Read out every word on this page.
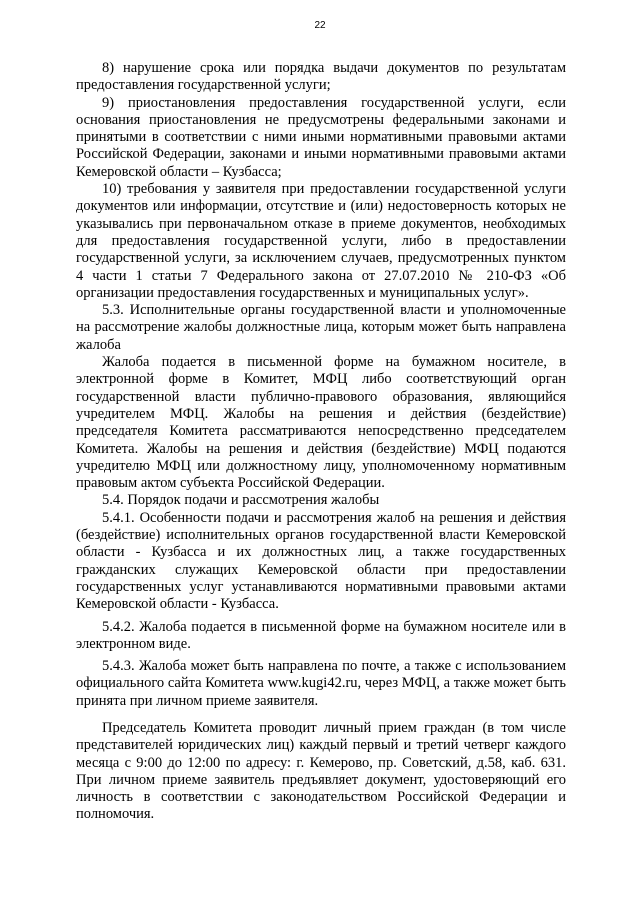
22

8) нарушение срока или порядка выдачи документов по результатам предоставления государственной услуги;

9) приостановления предоставления государственной услуги, если основания приостановления не предусмотрены федеральными законами и принятыми в соответствии с ними иными нормативными правовыми актами Российской Федерации, законами и иными нормативными правовыми актами Кемеровской области – Кузбасса;

10) требования у заявителя при предоставлении государственной услуги документов или информации, отсутствие и (или) недостоверность которых не указывались при первоначальном отказе в приеме документов, необходимых для предоставления государственной услуги, либо в предоставлении государственной услуги, за исключением случаев, предусмотренных пунктом 4 части 1 статьи 7 Федерального закона от 27.07.2010 № 210-ФЗ «Об организации предоставления государственных и муниципальных услуг».

5.3. Исполнительные органы государственной власти и уполномоченные на рассмотрение жалобы должностные лица, которым может быть направлена жалоба

Жалоба подается в письменной форме на бумажном носителе, в электронной форме в Комитет, МФЦ либо соответствующий орган государственной власти публично-правового образования, являющийся учредителем МФЦ. Жалобы на решения и действия (бездействие) председателя Комитета рассматриваются непосредственно председателем Комитета. Жалобы на решения и действия (бездействие) МФЦ подаются учредителю МФЦ или должностному лицу, уполномоченному нормативным правовым актом субъекта Российской Федерации.

5.4. Порядок подачи и рассмотрения жалобы

5.4.1. Особенности подачи и рассмотрения жалоб на решения и действия (бездействие) исполнительных органов государственной власти Кемеровской области - Кузбасса и их должностных лиц, а также государственных гражданских служащих Кемеровской области при предоставлении государственных услуг устанавливаются нормативными правовыми актами Кемеровской области - Кузбасса.

5.4.2. Жалоба подается в письменной форме на бумажном носителе или в электронном виде.

5.4.3. Жалоба может быть направлена по почте, а также с использованием официального сайта Комитета www.kugi42.ru, через МФЦ, а также может быть принята при личном приеме заявителя.

Председатель Комитета проводит личный прием граждан (в том числе представителей юридических лиц) каждый первый и третий четверг каждого месяца с 9:00 до 12:00 по адресу: г. Кемерово, пр. Советский, д.58, каб. 631. При личном приеме заявитель предъявляет документ, удостоверяющий его личность в соответствии с законодательством Российской Федерации и полномочия.
